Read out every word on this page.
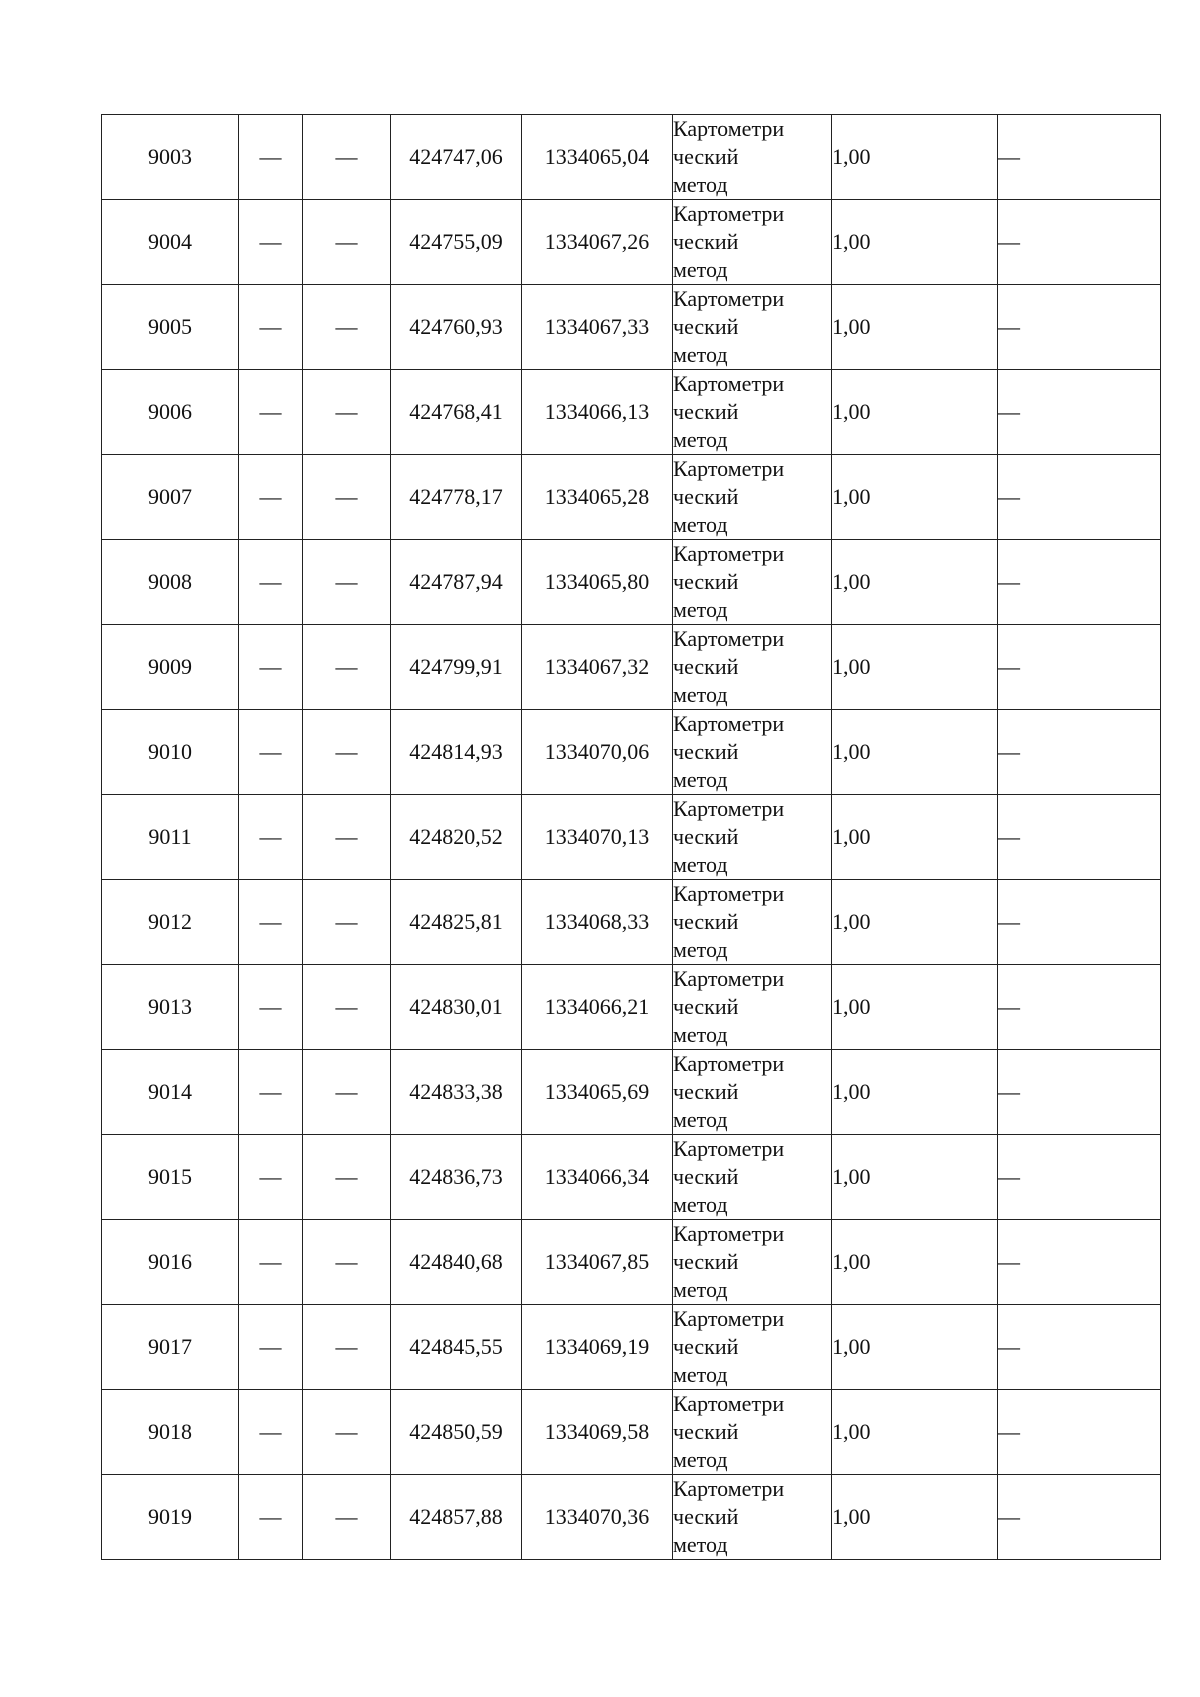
9003	—	—	424747,06	1334065,04	Картометри
ческий
метод	1,00	—
9004	—	—	424755,09	1334067,26	Картометри
ческий
метод	1,00	—
9005	—	—	424760,93	1334067,33	Картометри
ческий
метод	1,00	—
9006	—	—	424768,41	1334066,13	Картометри
ческий
метод	1,00	—
9007	—	—	424778,17	1334065,28	Картометри
ческий
метод	1,00	—
9008	—	—	424787,94	1334065,80	Картометри
ческий
метод	1,00	—
9009	—	—	424799,91	1334067,32	Картометри
ческий
метод	1,00	—
9010	—	—	424814,93	1334070,06	Картометри
ческий
метод	1,00	—
9011	—	—	424820,52	1334070,13	Картометри
ческий
метод	1,00	—
9012	—	—	424825,81	1334068,33	Картометри
ческий
метод	1,00	—
9013	—	—	424830,01	1334066,21	Картометри
ческий
метод	1,00	—
9014	—	—	424833,38	1334065,69	Картометри
ческий
метод	1,00	—
9015	—	—	424836,73	1334066,34	Картометри
ческий
метод	1,00	—
9016	—	—	424840,68	1334067,85	Картометри
ческий
метод	1,00	—
9017	—	—	424845,55	1334069,19	Картометри
ческий
метод	1,00	—
9018	—	—	424850,59	1334069,58	Картометри
ческий
метод	1,00	—
9019	—	—	424857,88	1334070,36	Картометри
ческий
метод	1,00	—
